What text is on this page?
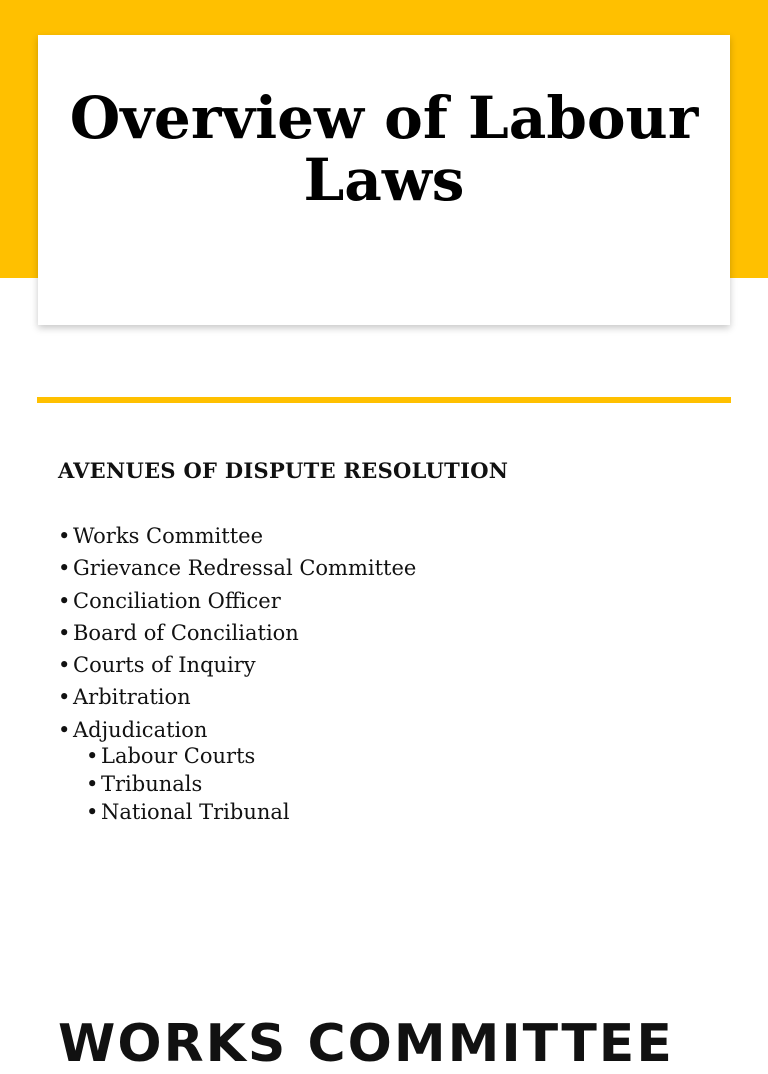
Overview of Labour Laws
AVENUES OF DISPUTE RESOLUTION
• Works Committee
• Grievance Redressal Committee
• Conciliation Officer
• Board of Conciliation
• Courts of Inquiry
• Arbitration
• Adjudication
• Labour Courts
• Tribunals
• National Tribunal
WORKS COMMITTEE
